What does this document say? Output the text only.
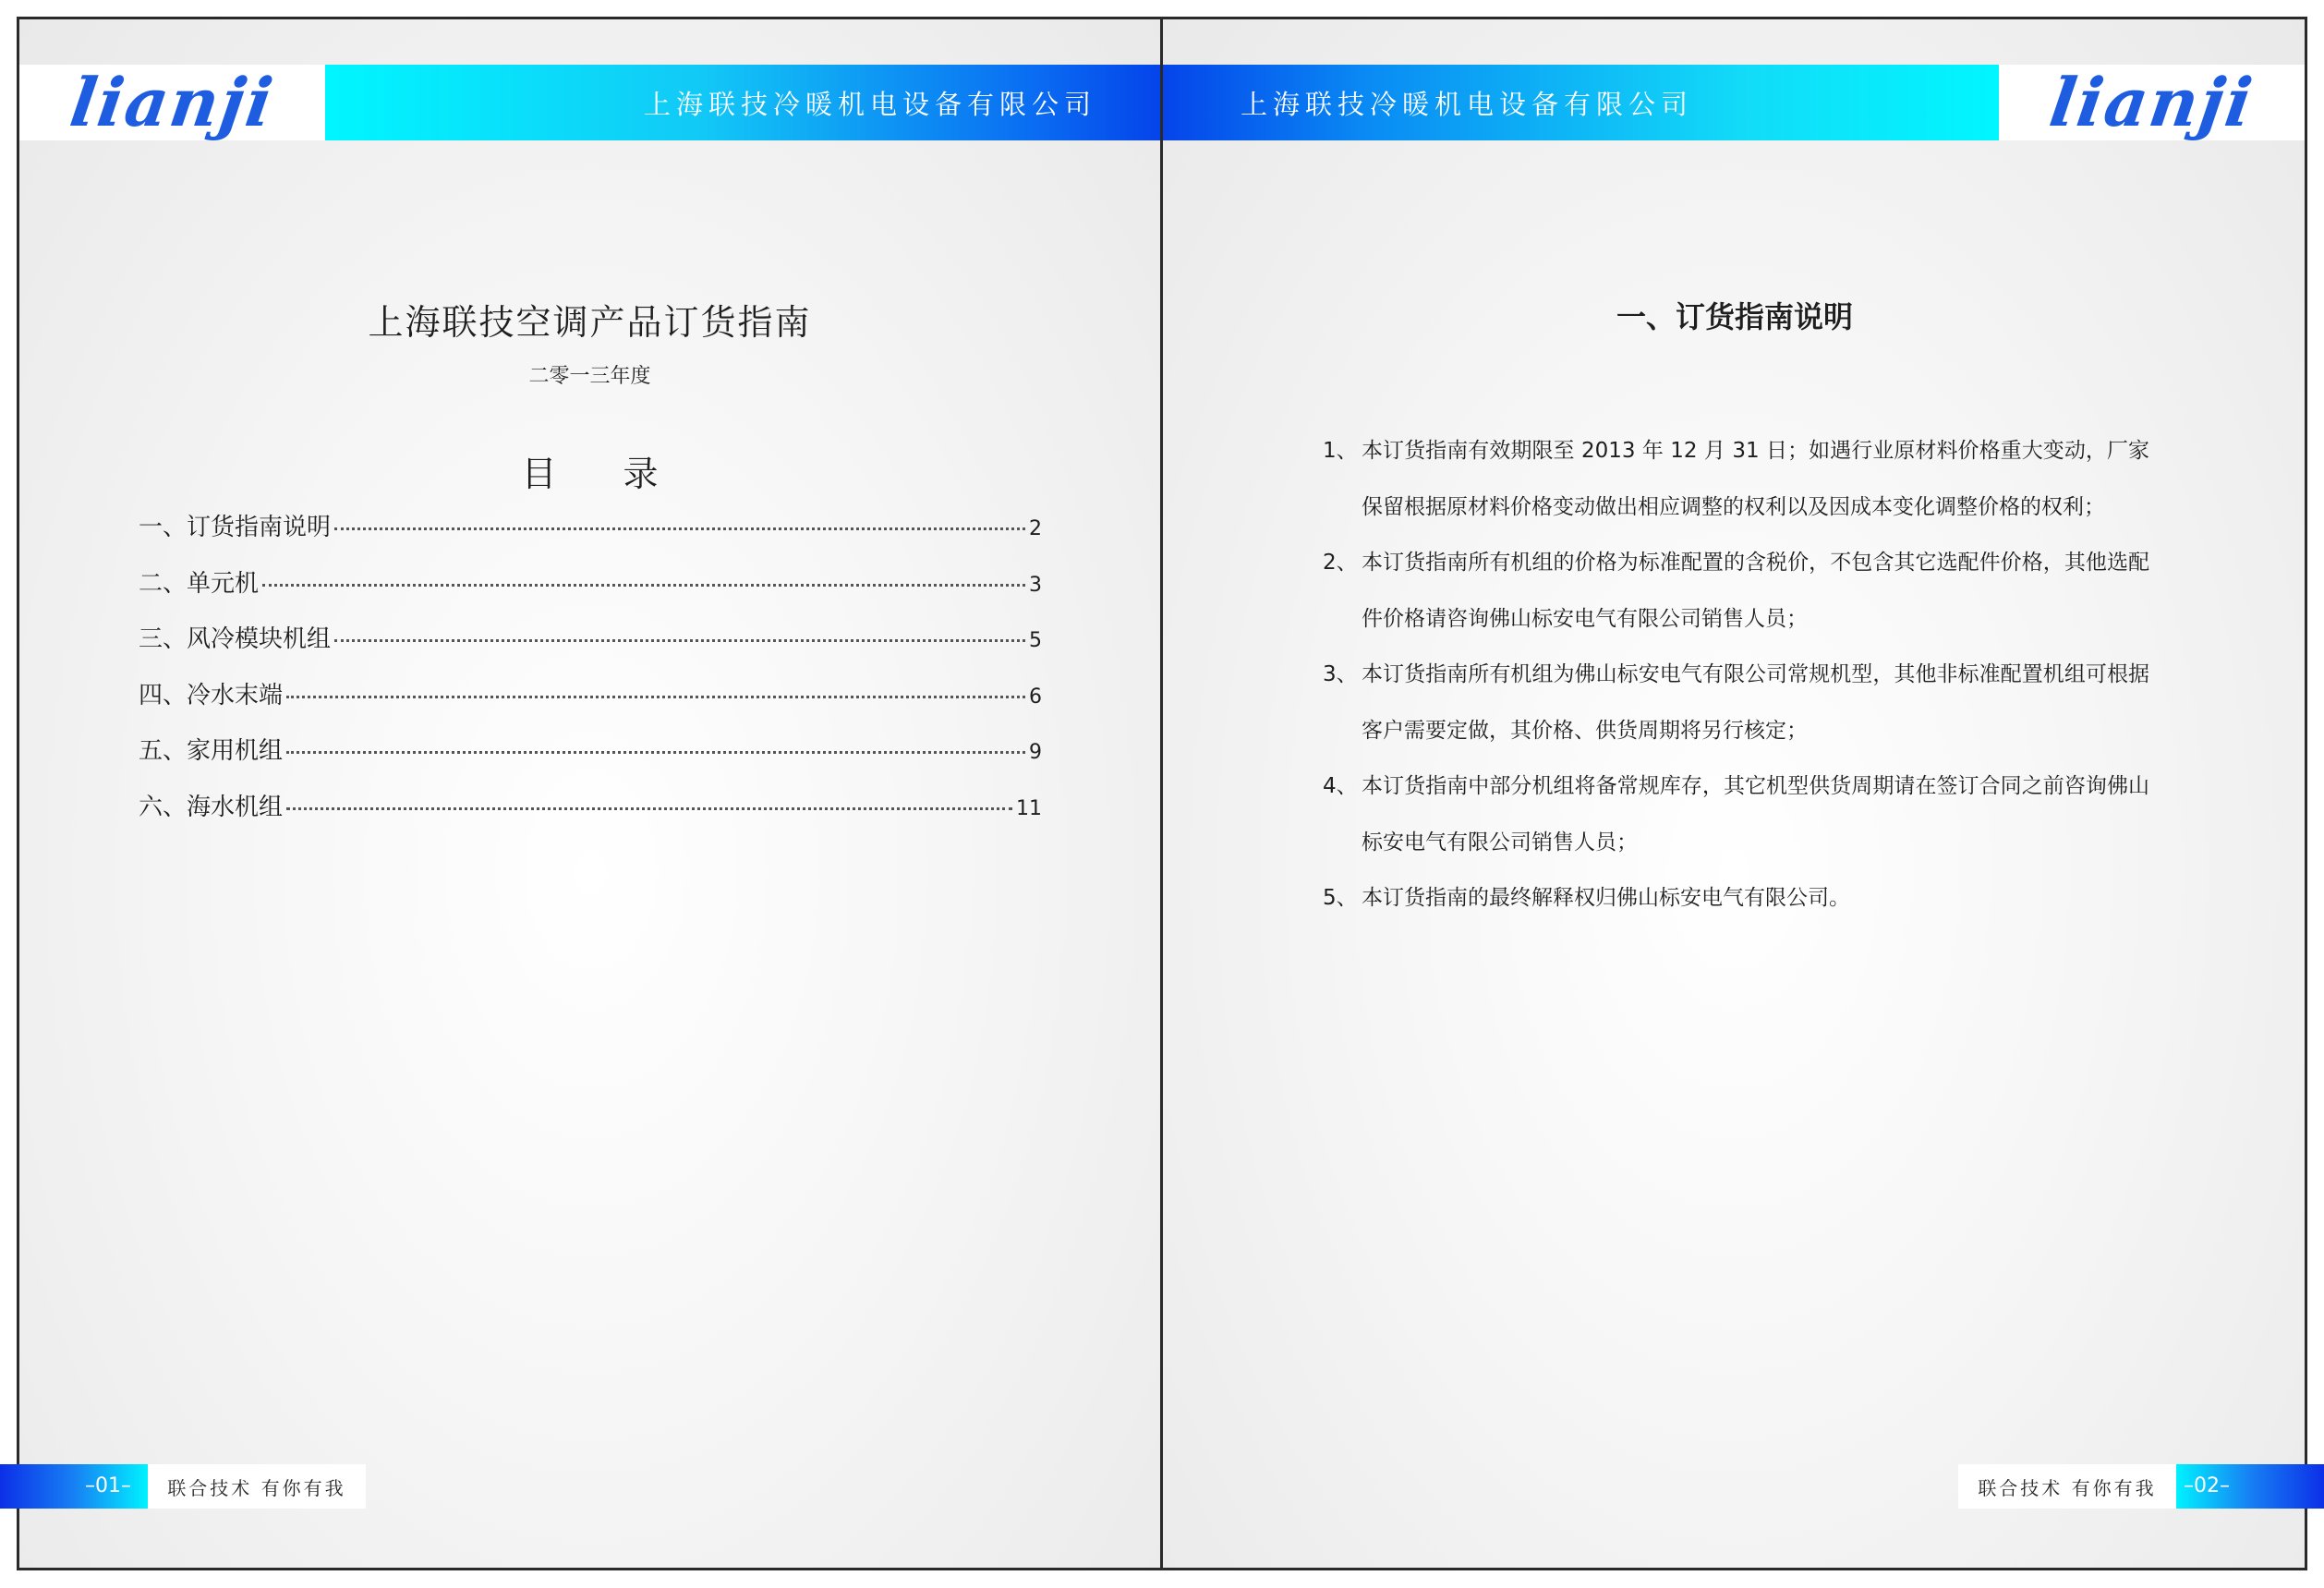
lianji	上海联技冷暖机电设备有限公司	上海联技冷暖机电设备有限公司	lianji
上海联技空调产品订货指南
二零一三年度
目 录
一、订货指南说明	2
二、单元机	3
三、风冷模块机组	5
四、冷水末端	6
五、家用机组	9
六、海水机组	11
一、订货指南说明
1、 本订货指南有效期限至 2013 年 12 月 31 日；如遇行业原材料价格重大变动，厂家保留根据原材料价格变动做出相应调整的权利以及因成本变化调整价格的权利；
2、 本订货指南所有机组的价格为标准配置的含税价，不包含其它选配件价格，其他选配件价格请咨询佛山标安电气有限公司销售人员；
3、 本订货指南所有机组为佛山标安电气有限公司常规机型，其他非标准配置机组可根据客户需要定做，其价格、供货周期将另行核定；
4、 本订货指南中部分机组将备常规库存，其它机型供货周期请在签订合同之前咨询佛山标安电气有限公司销售人员；
5、 本订货指南的最终解释权归佛山标安电气有限公司。
–01–	联合技术 有你有我	联合技术 有你有我	–02–
